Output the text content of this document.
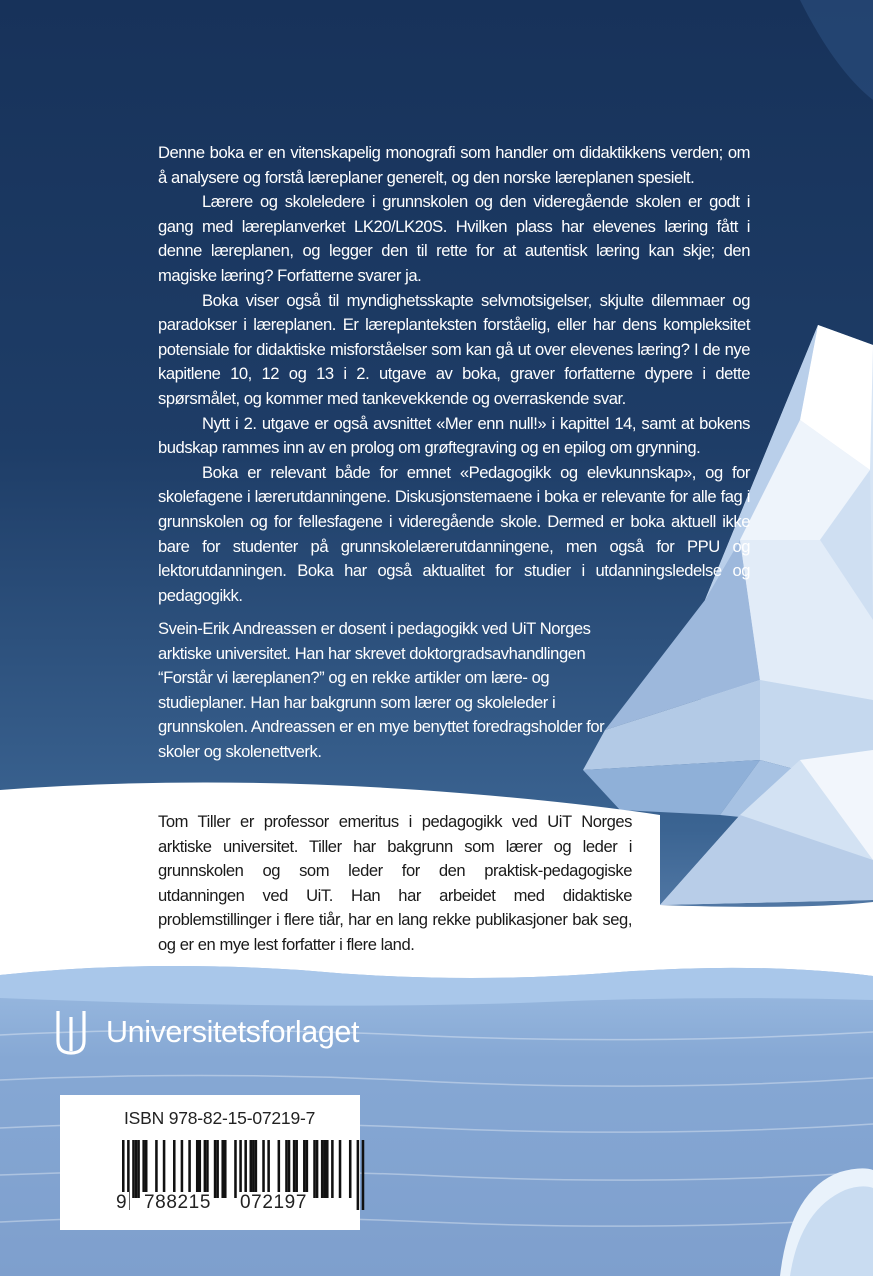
Denne boka er en vitenskapelig monografi som handler om didaktikkens verden; om å analysere og forstå læreplaner generelt, og den norske læreplanen spesielt.

Lærere og skoleledere i grunnskolen og den videregående skolen er godt i gang med læreplanverket LK20/LK20S. Hvilken plass har elevenes læring fått i denne læreplanen, og legger den til rette for at autentisk læring kan skje; den magiske læring? Forfatterne svarer ja.

Boka viser også til myndighetsskapte selvmotsigelser, skjulte dilemmaer og paradokser i læreplanen. Er læreplanteksten forståelig, eller har dens kompleksitet potensiale for didaktiske misforståelser som kan gå ut over elevenes læring? I de nye kapitlene 10, 12 og 13 i 2. utgave av boka, graver forfatterne dypere i dette spørsmålet, og kommer med tankevekkende og overraskende svar.

Nytt i 2. utgave er også avsnittet «Mer enn null!» i kapittel 14, samt at bokens budskap rammes inn av en prolog om grøftegraving og en epilog om grynning.

Boka er relevant både for emnet «Pedagogikk og elevkunnskap», og for skolefagene i lærerutdanningene. Diskusjonstemaene i boka er relevante for alle fag i grunnskolen og for fellesfagene i videregående skole. Dermed er boka aktuell ikke bare for studenter på grunnskolelærerutdanningene, men også for PPU og lektorutdanningen. Boka har også aktualitet for studier i utdanningsledelse og pedagogikk.

Svein-Erik Andreassen er dosent i pedagogikk ved UiT Norges arktiske universitet. Han har skrevet doktorgradsavhandlingen “Forstår vi læreplanen?” og en rekke artikler om lære- og studieplaner. Han har bakgrunn som lærer og skoleleder i grunnskolen. Andreassen er en mye benyttet foredragsholder for skoler og skolenettverk.

Tom Tiller er professor emeritus i pedagogikk ved UiT Norges arktiske universitet. Tiller har bakgrunn som lærer og leder i grunnskolen og som leder for den praktisk-pedagogiske utdanningen ved UiT. Han har arbeidet med didaktiske problemstillinger i flere tiår, har en lang rekke publikasjoner bak seg, og er en mye lest forfatter i flere land.

Universitetsforlaget
ISBN 978-82-15-07219-7
9 788215 072197
